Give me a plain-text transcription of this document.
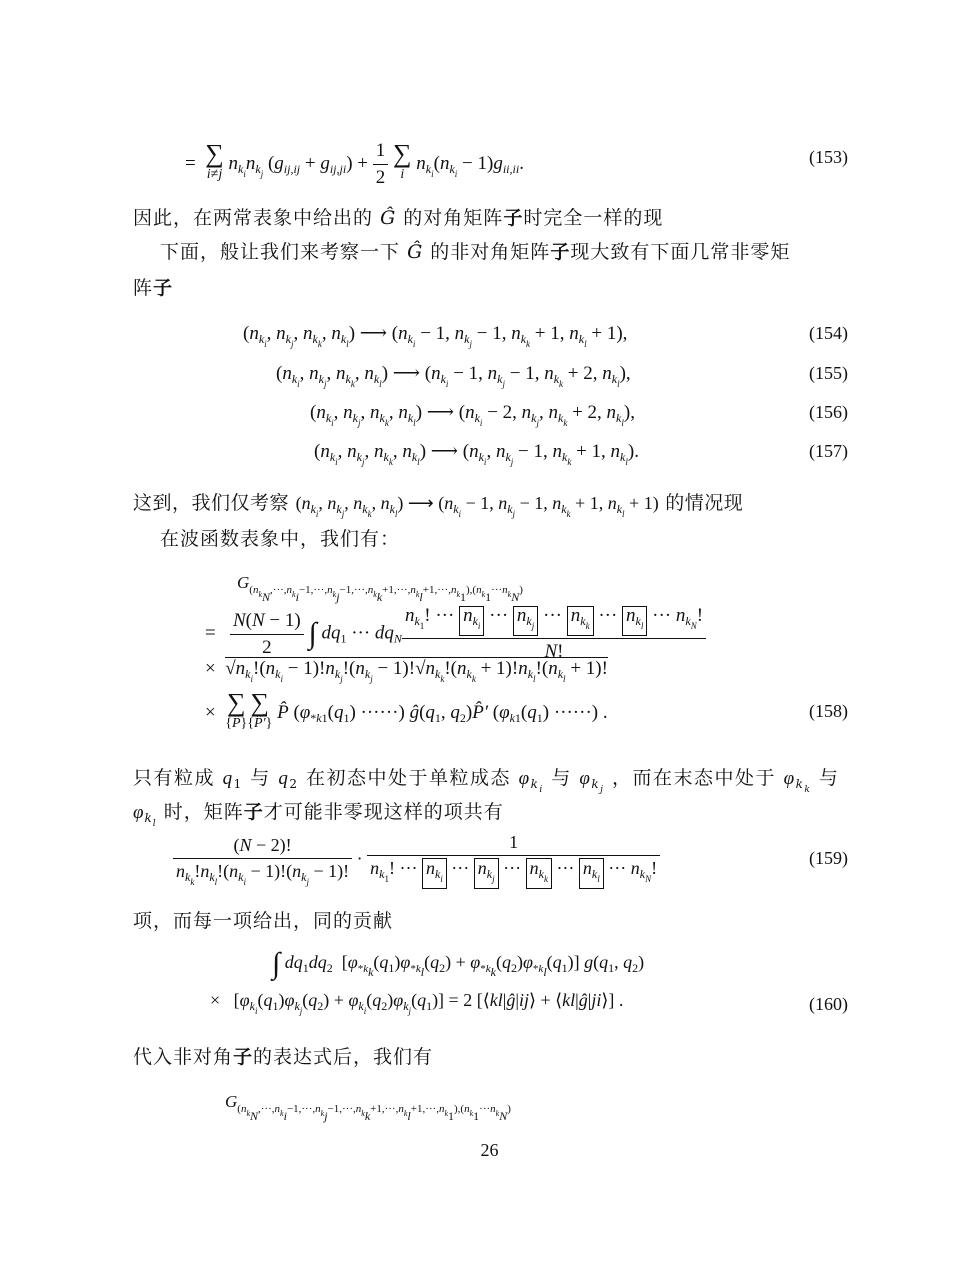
=  ∑
i≠j $n_{k_i}n_{k_j}$ $(g_{ij,ij} + g_{ij,ji}) + \frac{1}{2}$ ∑
i $n_{k_i}(n_{k_i} - 1)g_{ii,ii}$.	(153)
因此，在两常表象中给出的 Ĝ 的对角矩阵子时完全一样的现
下面，般让我们来考察一下 Ĝ 的非对角矩阵子现大致有下面几常非零矩
阵子
($n_{k_i}$, $n_{k_j}$, $n_{k_k}$, $n_{k_l}$) ⟶ ($n_{k_i} - 1$, $n_{k_j} - 1$, $n_{k_k} + 1$, $n_{k_l} + 1$),	(154)
($n_{k_i}$, $n_{k_j}$, $n_{k_k}$, $n_{k_l}$) ⟶ ($n_{k_i} - 1$, $n_{k_j} - 1$, $n_{k_k} + 2$, $n_{k_l}$),	(155)
($n_{k_i}$, $n_{k_j}$, $n_{k_k}$, $n_{k_l}$) ⟶ ($n_{k_i} - 2$, $n_{k_j}$, $n_{k_k} + 2$, $n_{k_l}$),	(156)
($n_{k_i}$, $n_{k_j}$, $n_{k_k}$, $n_{k_l}$) ⟶ ($n_{k_i}$, $n_{k_j} - 1$, $n_{k_k} + 1$, $n_{k_l}$).	(157)
这到，我们仅考察 ($n_{k_i}$, $n_{k_j}$, $n_{k_k}$, $n_{k_l}$) ⟶ ($n_{k_i} - 1$, $n_{k_j} - 1$, $n_{k_k} + 1$, $n_{k_l} + 1$) 的情况现
在波函数表象中，我们有：
$G_{(n_{k_N},\cdot\cdot\cdot,n_{k_i}-1,\cdot\cdot\cdot,n_{k_j}-1,\cdot\cdot\cdot,n_{k_k}+1,\cdot\cdot\cdot,n_{k_l}+1,\cdot\cdot\cdot,n_{k_1}),(n_{k_1}\cdot\cdot\cdot n_{k_N})}$
= $\frac{N(N - 1)}{2}$ ∫ $dq_1$ ··· $dq_N \frac{n_{k_1}! \cdot\cdot\cdot n_{k_i} \cdot\cdot\cdot n_{k_j} \cdot\cdot\cdot n_{k_k} \cdot\cdot\cdot n_{k_l} \cdot\cdot\cdot n_{k_N}!}{N!}$
×  $√n_{k_i}!(n_{k_i} - 1)!n_{k_j}!(n_{k_j} - 1)!√n_{k_k}!(n_{k_k} + 1)!n_{k_l}!(n_{k_l} + 1)$!
×  ∑
{P̂}∑
{P̂′} P̂ ($\varphi_{*k1}(q_1)$ ······) $ĝ(q_1$, $q_2)P̂'$ ($\varphi_{k1}(q_1)$ ······) .	(158)
只有粒成 $q_1$ 与 $q_2$ 在初态中处于单粒成态 $\varphi_{k_i}$ 与 $\varphi_{k_j}$ ，而在末态中处于 $\varphi_{k_k}$ 与
$\varphi_{k_l}$ 时，矩阵子才可能非零现这样的项共有
$\frac{(N - 2)!}{n_{k_k}!n_{k_l}!(n_{k_i} - 1)!(n_{k_j} - 1)!} \cdot \frac{1}{n_{k_1}! \cdot\cdot\cdot n_{k_i} \cdot\cdot\cdot n_{k_j} \cdot\cdot\cdot n_{k_k} \cdot\cdot\cdot n_{k_l} \cdot\cdot\cdot n_{k_N}!}$	(159)
项，而每一项给出，同的贡献
∫ $dq_1dq_2$  $[\varphi_{*k_k}(q_1)\varphi_{*k_l}(q_2) + \varphi_{*k_k}(q_2)\varphi_{*k_l}(q_1)]$ $g(q_1$, $q_2$)
×   $[\varphi_{k_i}(q_1)\varphi_{k_j}(q_2) + \varphi_{k_i}(q_2)\varphi_{k_j}(q_1)] = 2$ [⟨kl|ĝ|ij⟩ + ⟨kl|ĝ|ji⟩] .	(160)
代入非对角子的表达式后，我们有
$G_{(n_{k_N},\cdot\cdot\cdot,n_{k_i}-1,\cdot\cdot\cdot,n_{k_j}-1,\cdot\cdot\cdot,n_{k_k}+1,\cdot\cdot\cdot,n_{k_l}+1,\cdot\cdot\cdot,n_{k_1}),(n_{k_1}\cdot\cdot\cdot n_{k_N})}$
26
